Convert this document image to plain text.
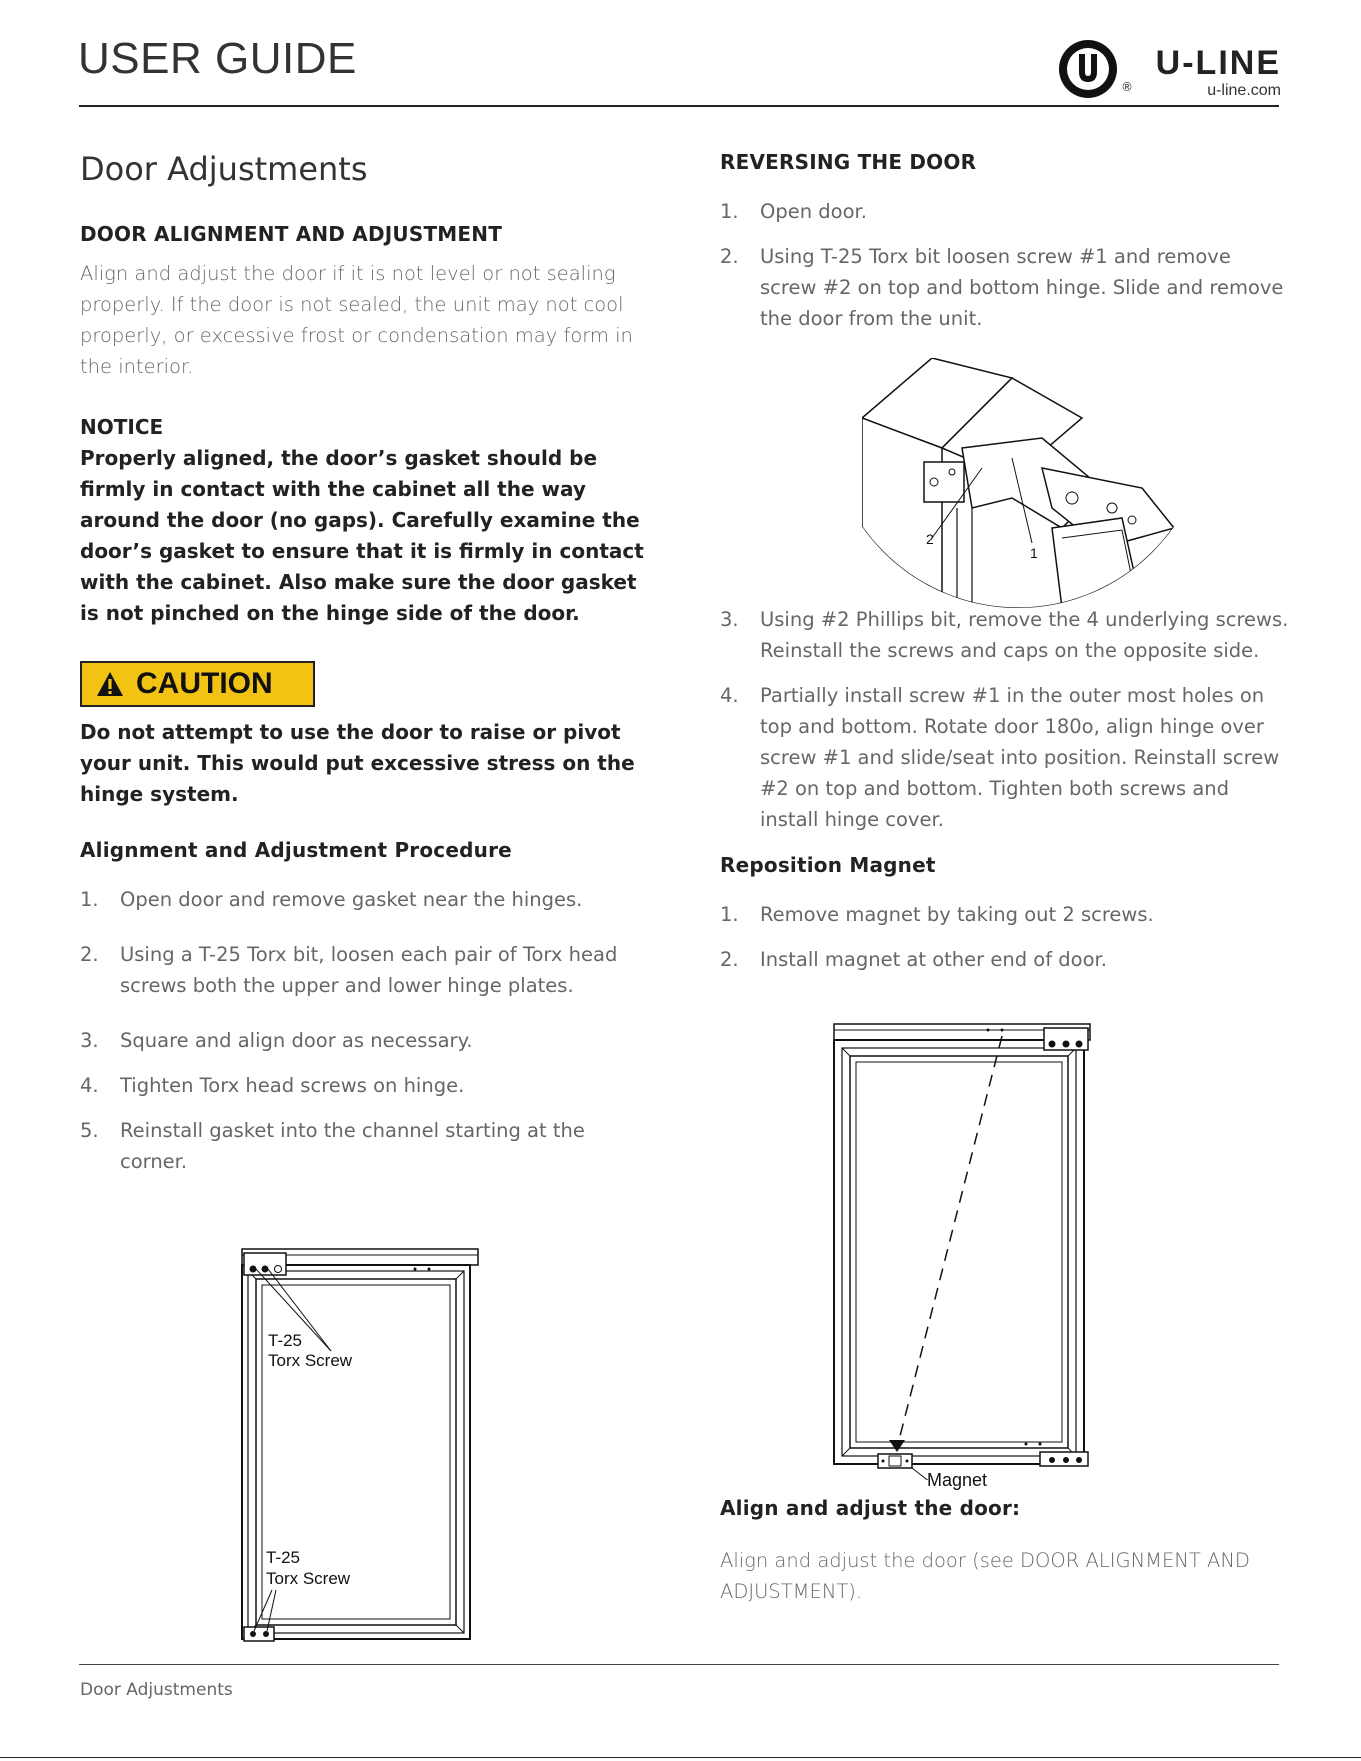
USER GUIDE
®
U-LINE
u-line.com
Door Adjustments
DOOR ALIGNMENT AND ADJUSTMENT
Align and adjust the door if it is not level or not sealing properly. If the door is not sealed, the unit may not cool properly, or excessive frost or condensation may form in the interior.
NOTICE
Properly aligned, the door’s gasket should be firmly in contact with the cabinet all the way around the door (no gaps). Carefully examine the door’s gasket to ensure that it is firmly in contact with the cabinet. Also make sure the door gasket is not pinched on the hinge side of the door.
CAUTION
Do not attempt to use the door to raise or pivot your unit. This would put excessive stress on the hinge system.
Alignment and Adjustment Procedure
1. Open door and remove gasket near the hinges.
2. Using a T-25 Torx bit, loosen each pair of Torx head screws both the upper and lower hinge plates.
3. Square and align door as necessary.
4. Tighten Torx head screws on hinge.
5. Reinstall gasket into the channel starting at the corner.
T-25
Torx Screw
T-25
Torx Screw
REVERSING THE DOOR
1. Open door.
2. Using T-25 Torx bit loosen screw #1 and remove screw #2 on top and bottom hinge. Slide and remove the door from the unit.
3. Using #2 Phillips bit, remove the 4 underlying screws. Reinstall the screws and caps on the opposite side.
4. Partially install screw #1 in the outer most holes on top and bottom. Rotate door 180o, align hinge over screw #1 and slide/seat into position. Reinstall screw #2 on top and bottom. Tighten both screws and install hinge cover.
Reposition Magnet
1. Remove magnet by taking out 2 screws.
2. Install magnet at other end of door.
2
1
Magnet
Align and adjust the door:
Align and adjust the door (see DOOR ALIGNMENT AND ADJUSTMENT).
Door Adjustments
